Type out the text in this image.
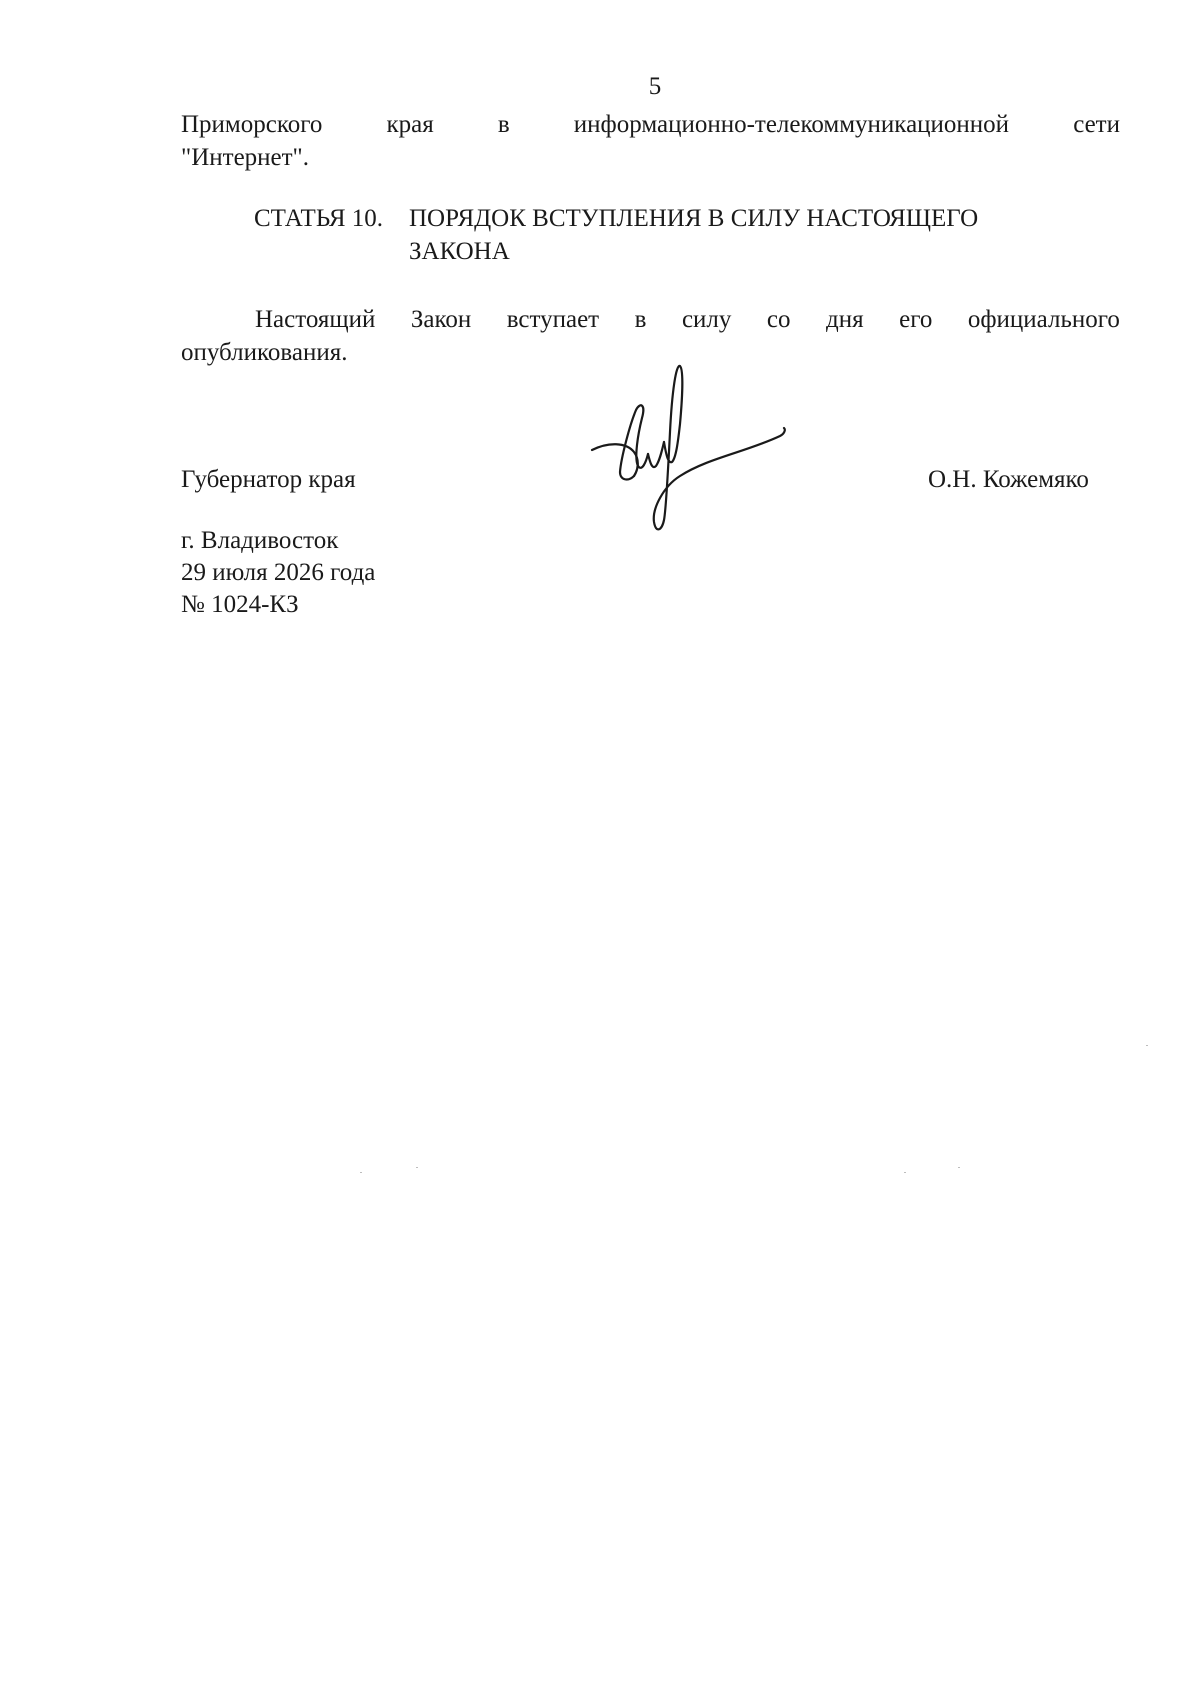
5
Приморского	края	в	информационно-телекоммуникационной	сети
"Интернет".
СТАТЬЯ 10. ПОРЯДОК ВСТУПЛЕНИЯ В СИЛУ НАСТОЯЩЕГО
ЗАКОНА
Настоящий Закон вступает в силу со дня его официального
опубликования.
Губернатор края	О.Н. Кожемяко
г. Владивосток
29 июля 2026 года
№ 1024-КЗ
